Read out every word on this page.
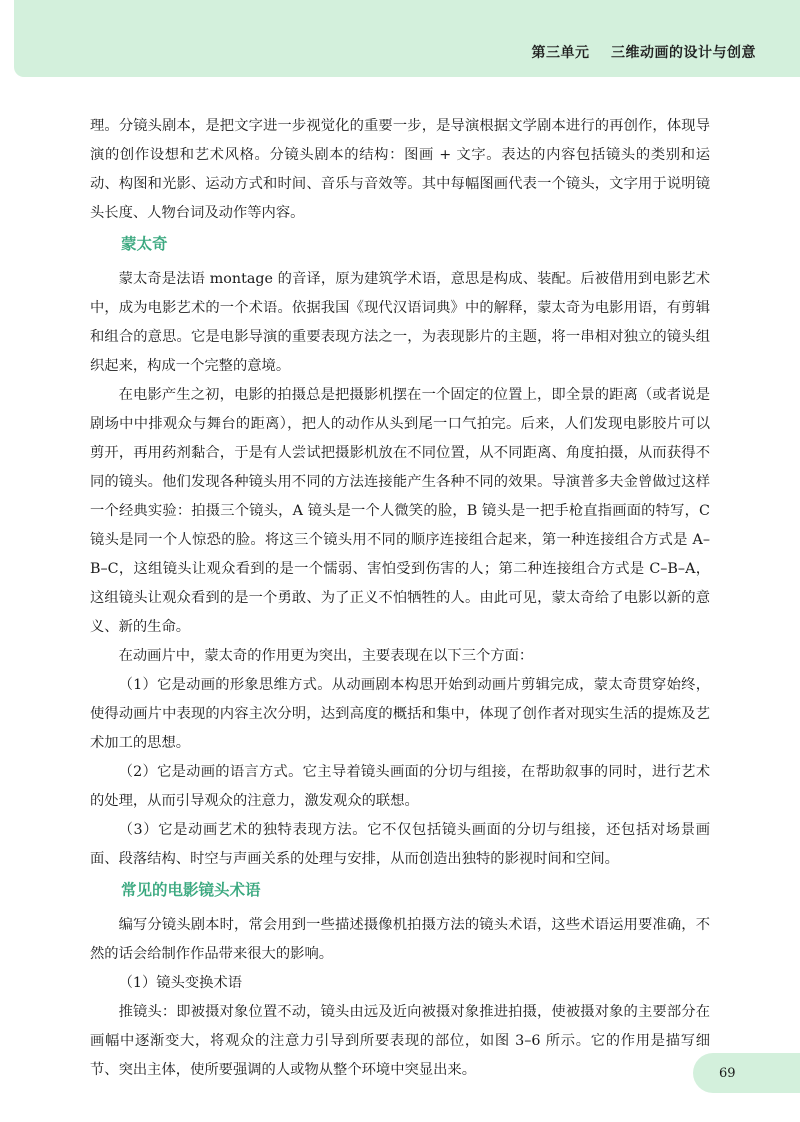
第三单元    三维动画的设计与创意

理。分镜头剧本，是把文字进一步视觉化的重要一步，是导演根据文学剧本进行的再创作，体现导演的创作设想和艺术风格。分镜头剧本的结构：图画 + 文字。表达的内容包括镜头的类别和运动、构图和光影、运动方式和时间、音乐与音效等。其中每幅图画代表一个镜头，文字用于说明镜头长度、人物台词及动作等内容。

蒙太奇

蒙太奇是法语 montage 的音译，原为建筑学术语，意思是构成、装配。后被借用到电影艺术中，成为电影艺术的一个术语。依据我国《现代汉语词典》中的解释，蒙太奇为电影用语，有剪辑和组合的意思。它是电影导演的重要表现方法之一，为表现影片的主题，将一串相对独立的镜头组织起来，构成一个完整的意境。

在电影产生之初，电影的拍摄总是把摄影机摆在一个固定的位置上，即全景的距离（或者说是剧场中中排观众与舞台的距离），把人的动作从头到尾一口气拍完。后来，人们发现电影胶片可以剪开，再用药剂黏合，于是有人尝试把摄影机放在不同位置，从不同距离、角度拍摄，从而获得不同的镜头。他们发现各种镜头用不同的方法连接能产生各种不同的效果。导演普多夫金曾做过这样一个经典实验：拍摄三个镜头，A 镜头是一个人微笑的脸，B 镜头是一把手枪直指画面的特写，C 镜头是同一个人惊恐的脸。将这三个镜头用不同的顺序连接组合起来，第一种连接组合方式是 A–B–C，这组镜头让观众看到的是一个懦弱、害怕受到伤害的人；第二种连接组合方式是 C–B–A，这组镜头让观众看到的是一个勇敢、为了正义不怕牺牲的人。由此可见，蒙太奇给了电影以新的意义、新的生命。

在动画片中，蒙太奇的作用更为突出，主要表现在以下三个方面：

（1）它是动画的形象思维方式。从动画剧本构思开始到动画片剪辑完成，蒙太奇贯穿始终，使得动画片中表现的内容主次分明，达到高度的概括和集中，体现了创作者对现实生活的提炼及艺术加工的思想。

（2）它是动画的语言方式。它主导着镜头画面的分切与组接，在帮助叙事的同时，进行艺术的处理，从而引导观众的注意力，激发观众的联想。

（3）它是动画艺术的独特表现方法。它不仅包括镜头画面的分切与组接，还包括对场景画面、段落结构、时空与声画关系的处理与安排，从而创造出独特的影视时间和空间。

常见的电影镜头术语

编写分镜头剧本时，常会用到一些描述摄像机拍摄方法的镜头术语，这些术语运用要准确，不然的话会给制作作品带来很大的影响。

（1）镜头变换术语

推镜头：即被摄对象位置不动，镜头由远及近向被摄对象推进拍摄，使被摄对象的主要部分在画幅中逐渐变大，将观众的注意力引导到所要表现的部位，如图 3–6 所示。它的作用是描写细节、突出主体，使所要强调的人或物从整个环境中突显出来。	69
